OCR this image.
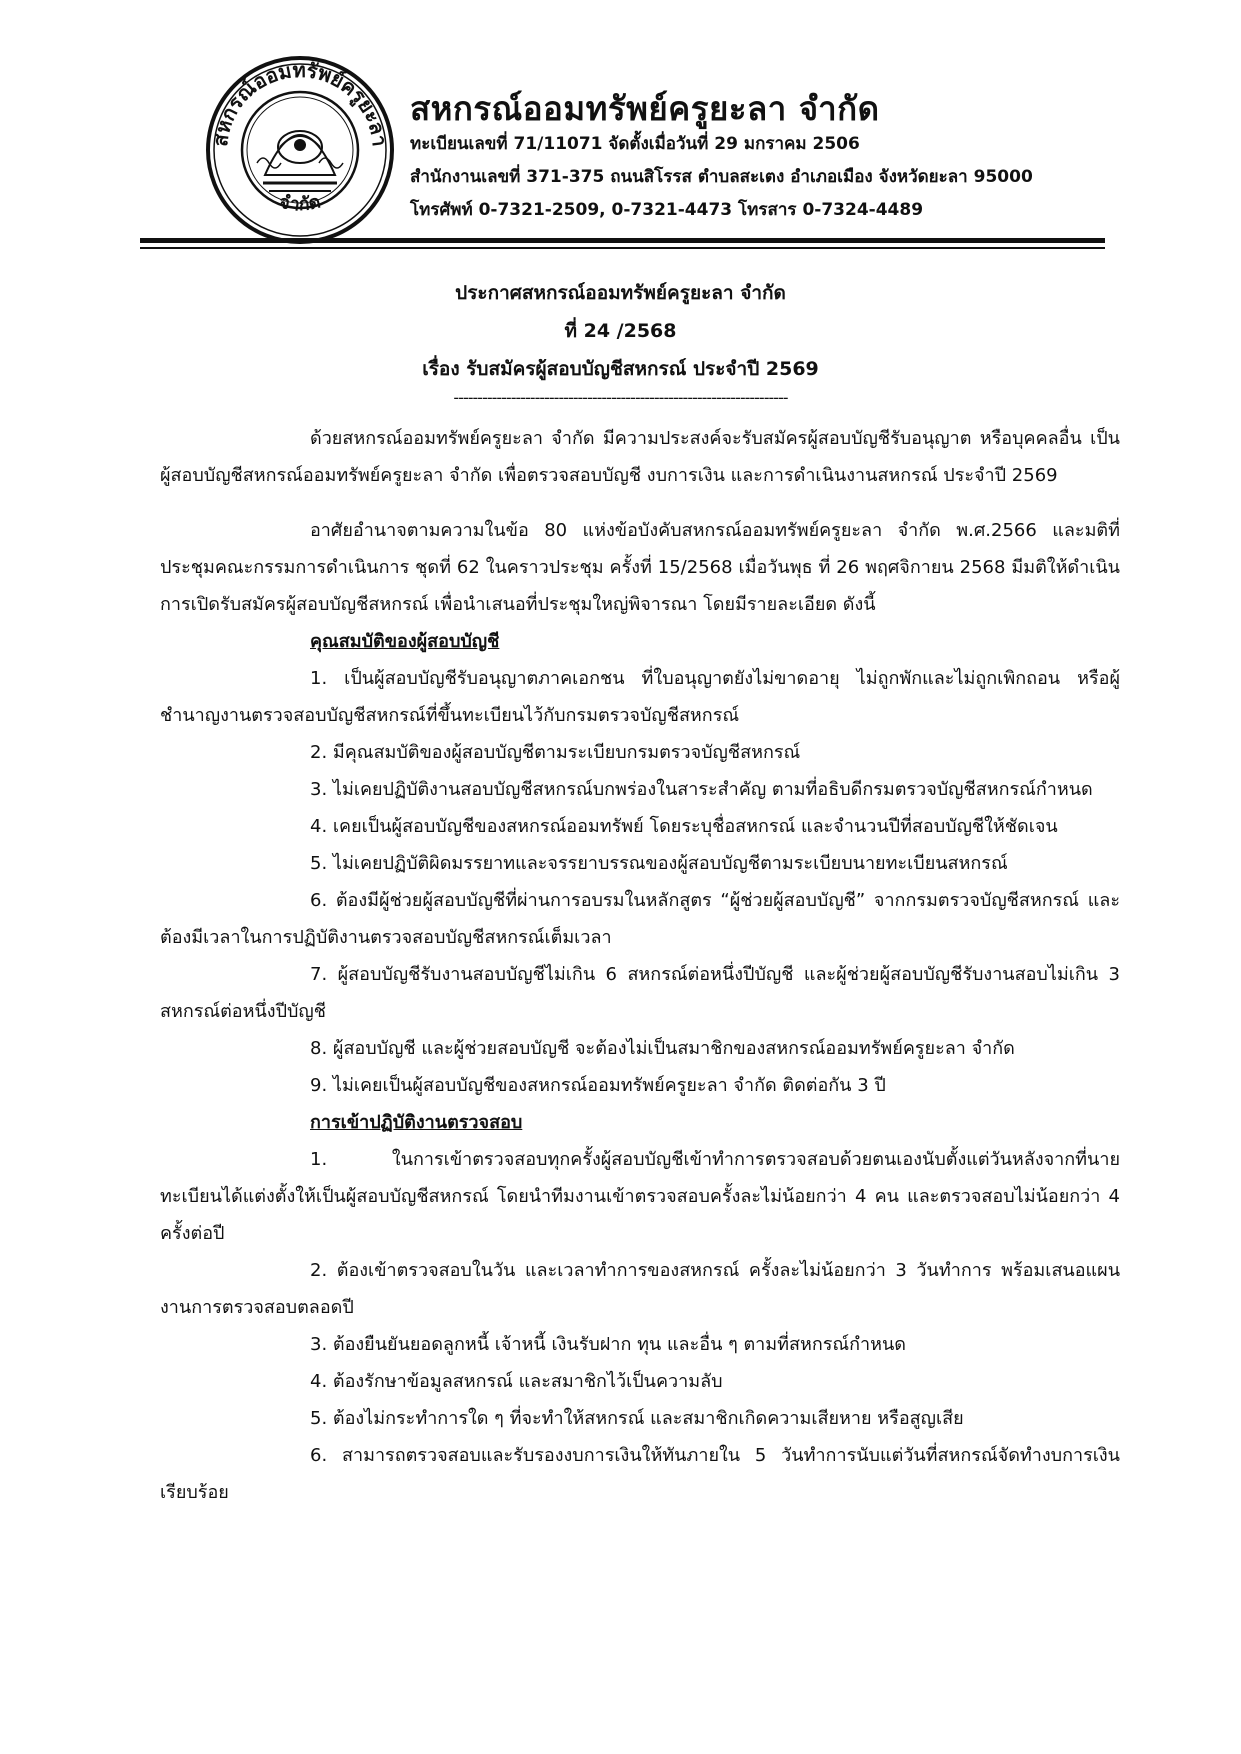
สหกรณ์ออมทรัพย์ครูยะลา
จำกัด
สหกรณ์ออมทรัพย์ครูยะลา จำกัด
ทะเบียนเลขที่ 71/11071 จัดตั้งเมื่อวันที่ 29 มกราคม 2506
สำนักงานเลขที่ 371-375 ถนนสิโรรส ตำบลสะเตง อำเภอเมือง จังหวัดยะลา 95000
โทรศัพท์ 0-7321-2509, 0-7321-4473 โทรสาร 0-7324-4489
ประกาศสหกรณ์ออมทรัพย์ครูยะลา จำกัด
ที่ 24 /2568
เรื่อง รับสมัครผู้สอบบัญชีสหกรณ์ ประจำปี 2569
----------------------------------------------------------------------

ด้วยสหกรณ์ออมทรัพย์ครูยะลา จำกัด มีความประสงค์จะรับสมัครผู้สอบบัญชีรับอนุญาต หรือบุคคลอื่น เป็นผู้สอบบัญชีสหกรณ์ออมทรัพย์ครูยะลา จำกัด เพื่อตรวจสอบบัญชี งบการเงิน และการดำเนินงานสหกรณ์ ประจำปี 2569

อาศัยอำนาจตามความในข้อ 80 แห่งข้อบังคับสหกรณ์ออมทรัพย์ครูยะลา จำกัด พ.ศ.2566 และมติที่ประชุมคณะกรรมการดำเนินการ ชุดที่ 62 ในคราวประชุม ครั้งที่ 15/2568 เมื่อวันพุธ ที่ 26 พฤศจิกายน 2568 มีมติให้ดำเนินการเปิดรับสมัครผู้สอบบัญชีสหกรณ์ เพื่อนำเสนอที่ประชุมใหญ่พิจารณา โดยมีรายละเอียด ดังนี้

คุณสมบัติของผู้สอบบัญชี

1. เป็นผู้สอบบัญชีรับอนุญาตภาคเอกชน ที่ใบอนุญาตยังไม่ขาดอายุ ไม่ถูกพักและไม่ถูกเพิกถอน หรือผู้ชำนาญงานตรวจสอบบัญชีสหกรณ์ที่ขึ้นทะเบียนไว้กับกรมตรวจบัญชีสหกรณ์

2. มีคุณสมบัติของผู้สอบบัญชีตามระเบียบกรมตรวจบัญชีสหกรณ์

3. ไม่เคยปฏิบัติงานสอบบัญชีสหกรณ์บกพร่องในสาระสำคัญ ตามที่อธิบดีกรมตรวจบัญชีสหกรณ์กำหนด

4. เคยเป็นผู้สอบบัญชีของสหกรณ์ออมทรัพย์ โดยระบุชื่อสหกรณ์ และจำนวนปีที่สอบบัญชีให้ชัดเจน

5. ไม่เคยปฏิบัติผิดมรรยาทและจรรยาบรรณของผู้สอบบัญชีตามระเบียบนายทะเบียนสหกรณ์

6. ต้องมีผู้ช่วยผู้สอบบัญชีที่ผ่านการอบรมในหลักสูตร “ผู้ช่วยผู้สอบบัญชี” จากกรมตรวจบัญชีสหกรณ์ และต้องมีเวลาในการปฏิบัติงานตรวจสอบบัญชีสหกรณ์เต็มเวลา

7. ผู้สอบบัญชีรับงานสอบบัญชีไม่เกิน 6 สหกรณ์ต่อหนึ่งปีบัญชี และผู้ช่วยผู้สอบบัญชีรับงานสอบไม่เกิน 3 สหกรณ์ต่อหนึ่งปีบัญชี

8. ผู้สอบบัญชี และผู้ช่วยสอบบัญชี จะต้องไม่เป็นสมาชิกของสหกรณ์ออมทรัพย์ครูยะลา จำกัด

9. ไม่เคยเป็นผู้สอบบัญชีของสหกรณ์ออมทรัพย์ครูยะลา จำกัด ติดต่อกัน 3 ปี

การเข้าปฏิบัติงานตรวจสอบ

1. ในการเข้าตรวจสอบทุกครั้งผู้สอบบัญชีเข้าทำการตรวจสอบด้วยตนเองนับตั้งแต่วันหลังจากที่นายทะเบียนได้แต่งตั้งให้เป็นผู้สอบบัญชีสหกรณ์ โดยนำทีมงานเข้าตรวจสอบครั้งละไม่น้อยกว่า 4 คน และตรวจสอบไม่น้อยกว่า 4 ครั้งต่อปี

2. ต้องเข้าตรวจสอบในวัน และเวลาทำการของสหกรณ์ ครั้งละไม่น้อยกว่า 3 วันทำการ พร้อมเสนอแผนงานการตรวจสอบตลอดปี

3. ต้องยืนยันยอดลูกหนี้ เจ้าหนี้ เงินรับฝาก ทุน และอื่น ๆ ตามที่สหกรณ์กำหนด

4. ต้องรักษาข้อมูลสหกรณ์ และสมาชิกไว้เป็นความลับ

5. ต้องไม่กระทำการใด ๆ ที่จะทำให้สหกรณ์ และสมาชิกเกิดความเสียหาย หรือสูญเสีย

6. สามารถตรวจสอบและรับรองงบการเงินให้ทันภายใน 5 วันทำการนับแต่วันที่สหกรณ์จัดทำงบการเงินเรียบร้อย
